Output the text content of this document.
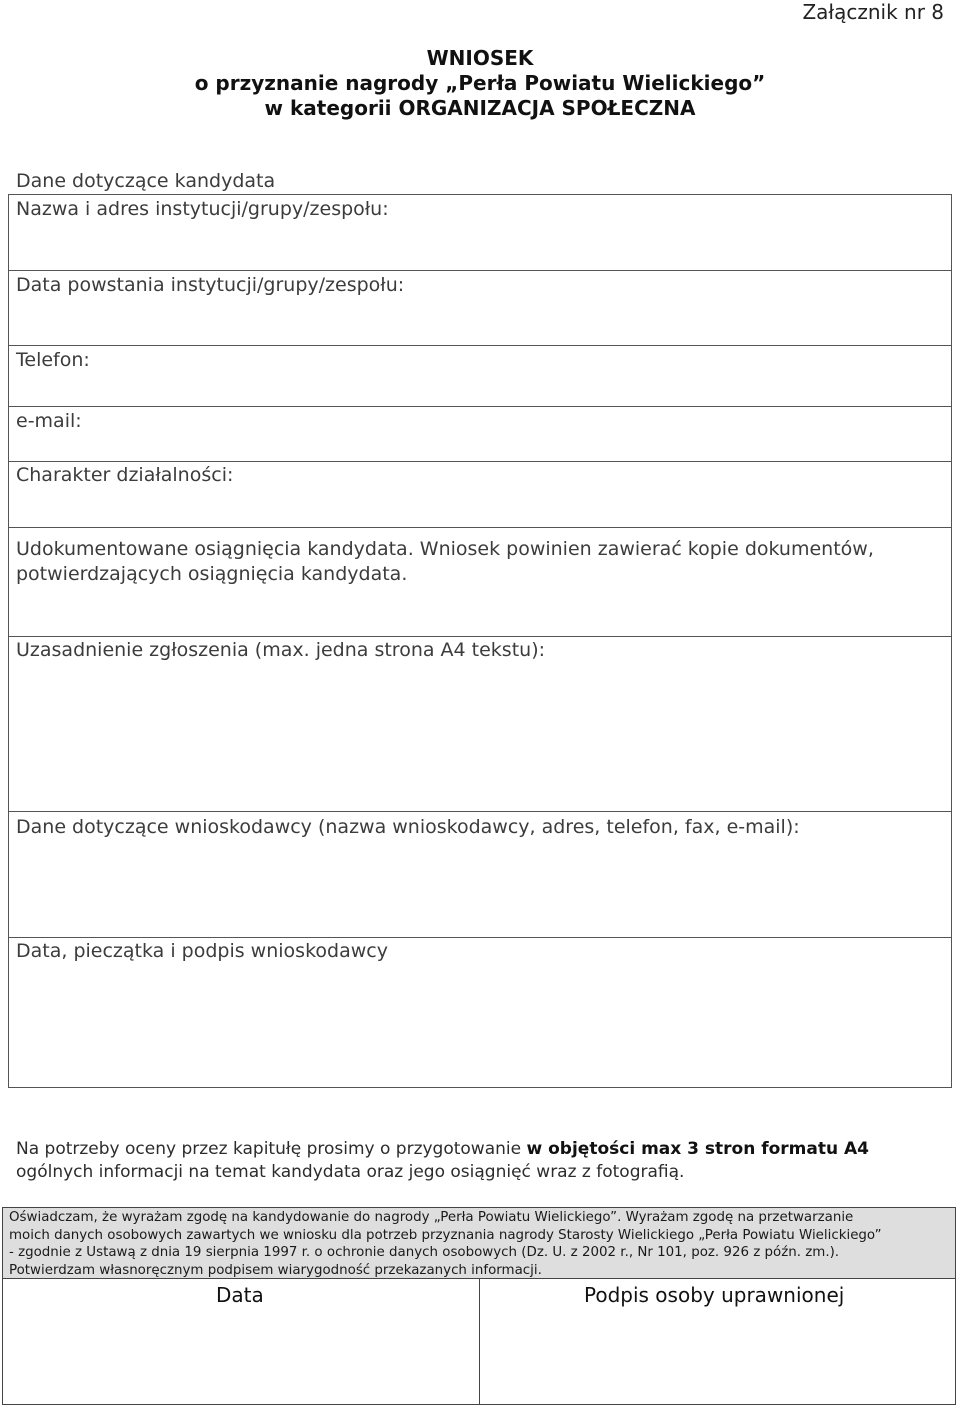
Załącznik nr 8
WNIOSEK
o przyznanie nagrody „Perła Powiatu Wielickiego”
w kategorii ORGANIZACJA SPOŁECZNA
Dane dotyczące kandydata
Nazwa i adres instytucji/grupy/zespołu:
Data powstania instytucji/grupy/zespołu:
Telefon:
e-mail:
Charakter działalności:
Udokumentowane osiągnięcia kandydata. Wniosek powinien zawierać kopie dokumentów, potwierdzających osiągnięcia kandydata.
Uzasadnienie zgłoszenia (max. jedna strona A4 tekstu):
Dane dotyczące wnioskodawcy (nazwa wnioskodawcy, adres, telefon, fax, e-mail):
Data, pieczątka i podpis wnioskodawcy
Na potrzeby oceny przez kapitułę prosimy o przygotowanie w objętości max 3 stron formatu A4 ogólnych informacji na temat kandydata oraz jego osiągnięć wraz z fotografią.
Oświadczam, że wyrażam zgodę na kandydowanie do nagrody „Perła Powiatu Wielickiego”. Wyrażam zgodę na przetwarzanie
moich danych osobowych zawartych we wniosku dla potrzeb przyznania nagrody Starosty Wielickiego „Perła Powiatu Wielickiego”
- zgodnie z Ustawą z dnia 19 sierpnia 1997 r. o ochronie danych osobowych (Dz. U. z 2002 r., Nr 101, poz. 926 z późn. zm.).
Potwierdzam własnoręcznym podpisem wiarygodność przekazanych informacji.
Data	Podpis osoby uprawnionej
